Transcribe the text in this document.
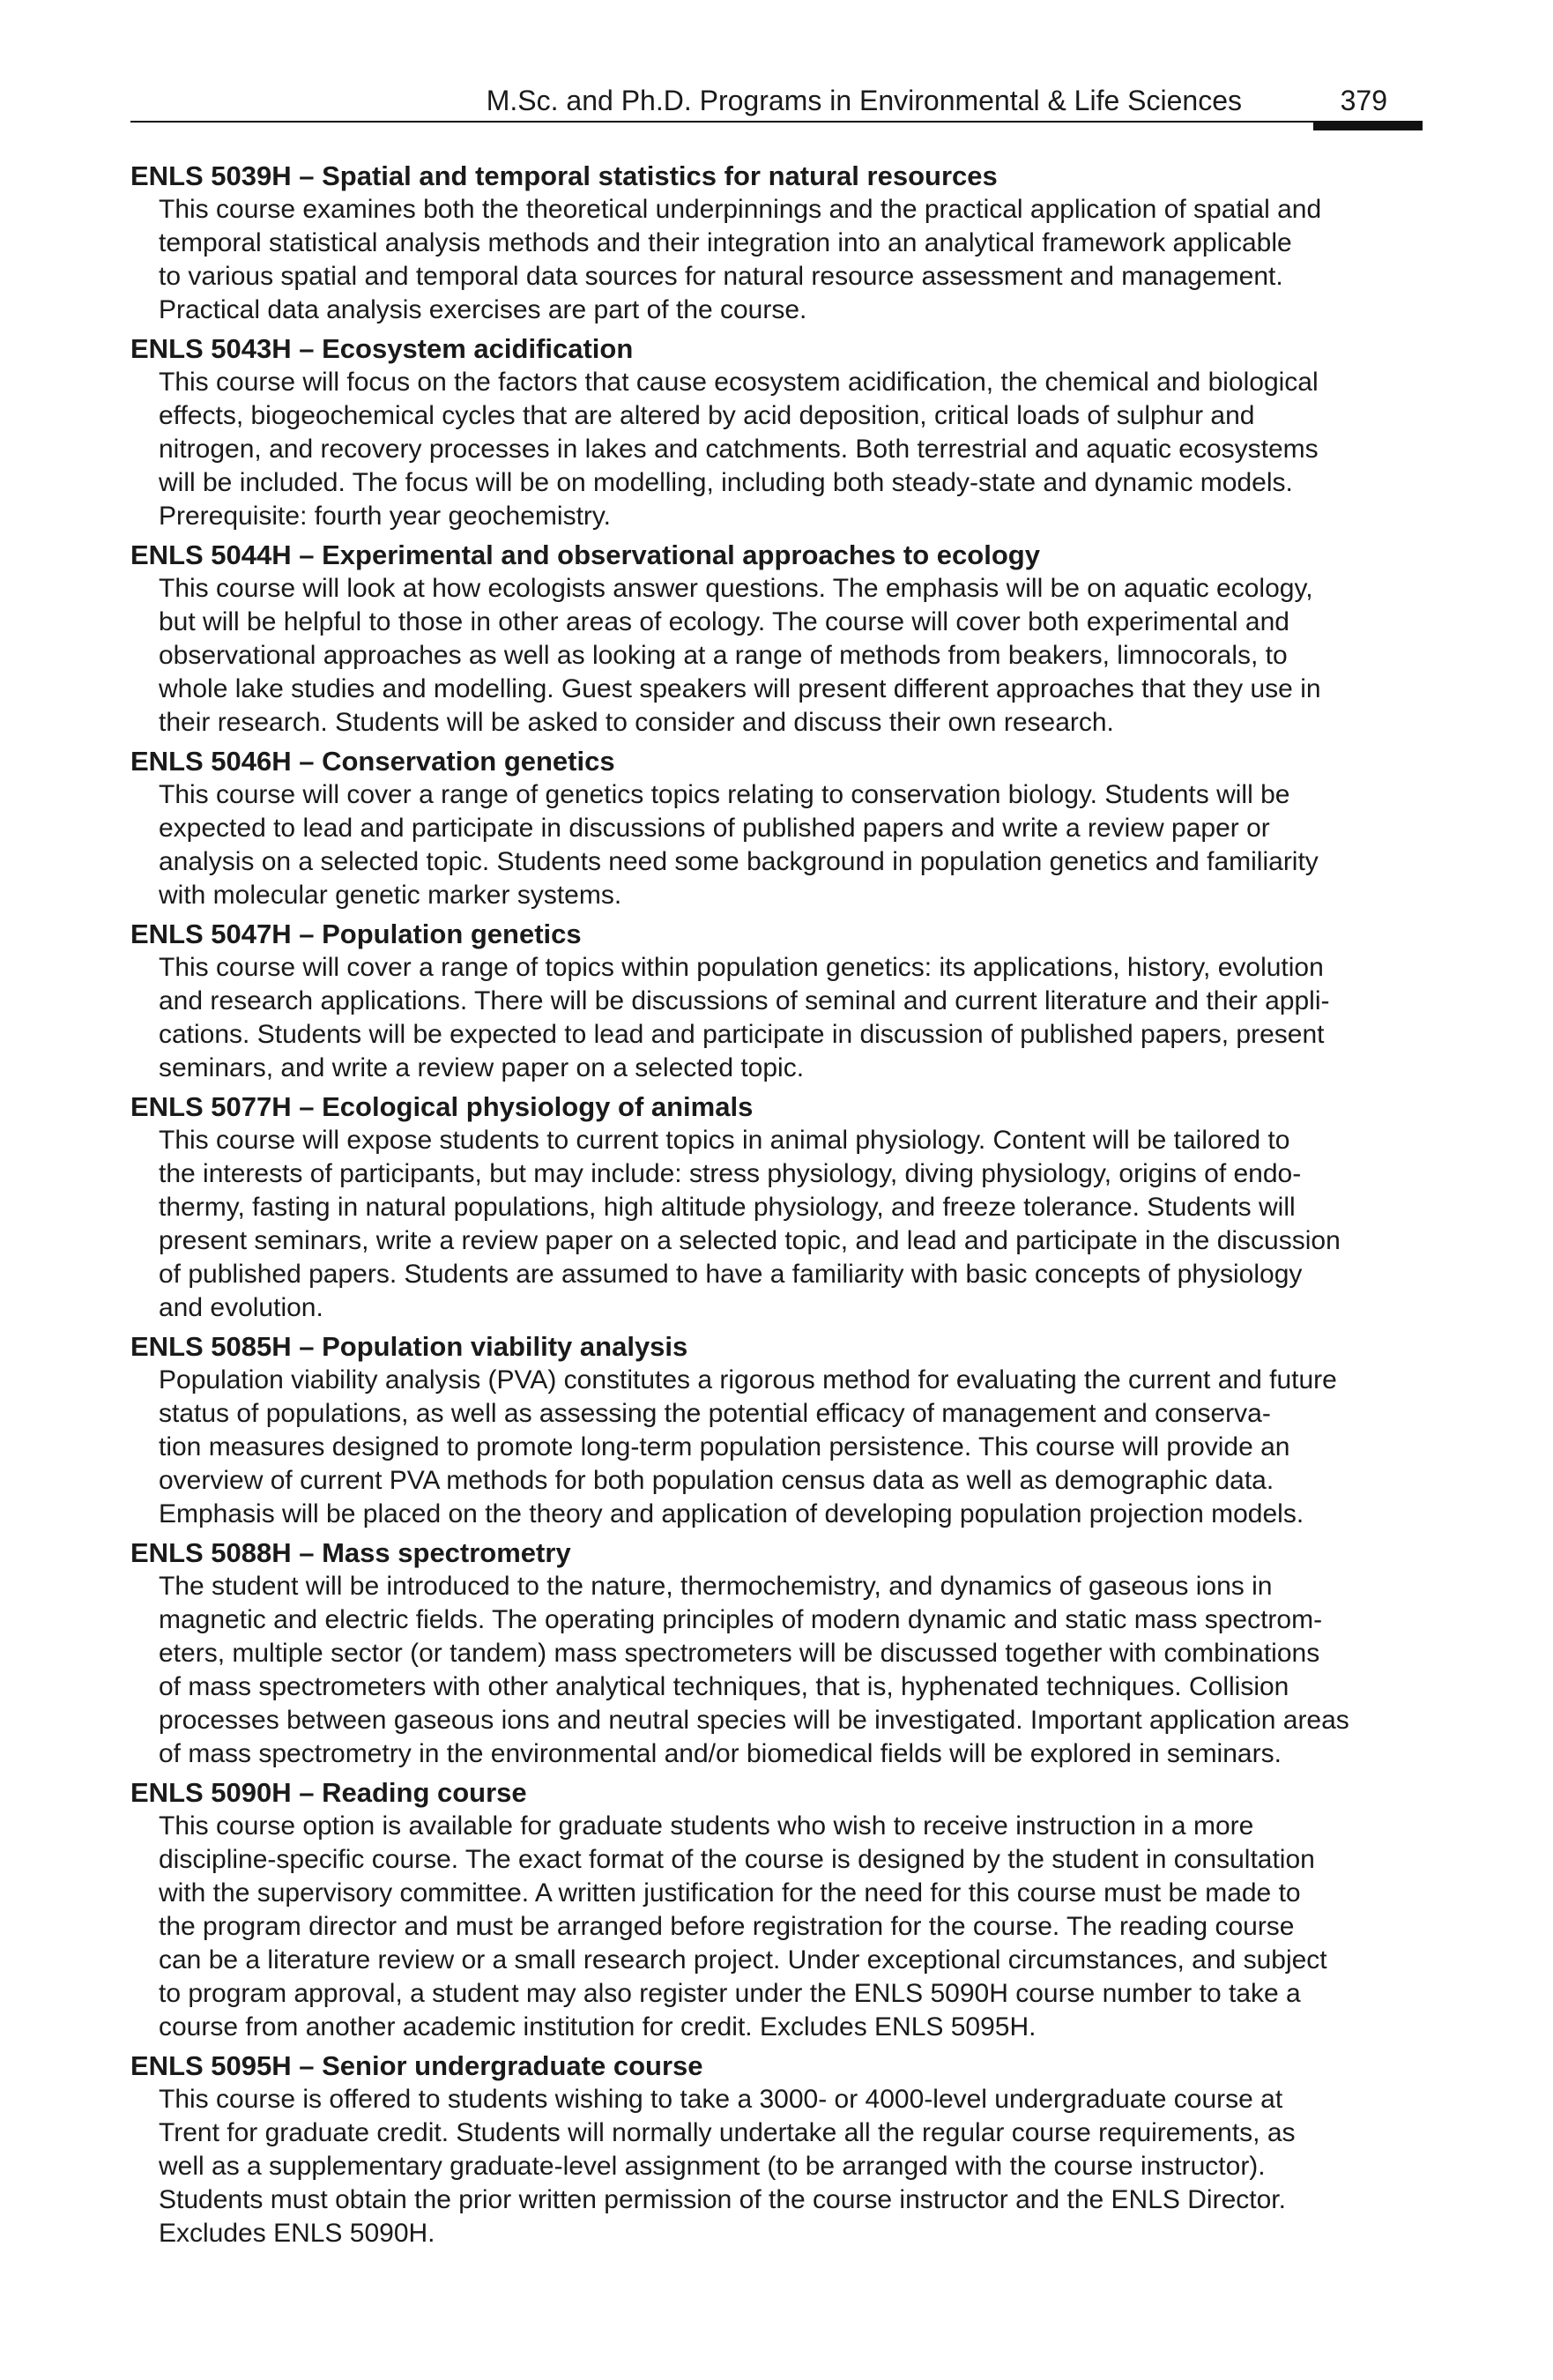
M.Sc. and Ph.D. Programs in Environmental & Life Sciences	379

ENLS 5039H – Spatial and temporal statistics for natural resources

This course examines both the theoretical underpinnings and the practical application of spatial and
temporal statistical analysis methods and their integration into an analytical framework applicable
to various spatial and temporal data sources for natural resource assessment and management.
Practical data analysis exercises are part of the course.

ENLS 5043H – Ecosystem acidification

This course will focus on the factors that cause ecosystem acidification, the chemical and biological
effects, biogeochemical cycles that are altered by acid deposition, critical loads of sulphur and
nitrogen, and recovery processes in lakes and catchments. Both terrestrial and aquatic ecosystems
will be included. The focus will be on modelling, including both steady-state and dynamic models.
Prerequisite: fourth year geochemistry.

ENLS 5044H – Experimental and observational approaches to ecology

This course will look at how ecologists answer questions. The emphasis will be on aquatic ecology,
but will be helpful to those in other areas of ecology. The course will cover both experimental and
observational approaches as well as looking at a range of methods from beakers, limnocorals, to
whole lake studies and modelling. Guest speakers will present different approaches that they use in
their research. Students will be asked to consider and discuss their own research.

ENLS 5046H – Conservation genetics

This course will cover a range of genetics topics relating to conservation biology. Students will be
expected to lead and participate in discussions of published papers and write a review paper or
analysis on a selected topic. Students need some background in population genetics and familiarity
with molecular genetic marker systems.

ENLS 5047H – Population genetics

This course will cover a range of topics within population genetics: its applications, history, evolution
and research applications. There will be discussions of seminal and current literature and their appli-
cations. Students will be expected to lead and participate in discussion of published papers, present
seminars, and write a review paper on a selected topic.

ENLS 5077H – Ecological physiology of animals

This course will expose students to current topics in animal physiology. Content will be tailored to
the interests of participants, but may include: stress physiology, diving physiology, origins of endo-
thermy, fasting in natural populations, high altitude physiology, and freeze tolerance. Students will
present seminars, write a review paper on a selected topic, and lead and participate in the discussion
of published papers. Students are assumed to have a familiarity with basic concepts of physiology
and evolution.

ENLS 5085H – Population viability analysis

Population viability analysis (PVA) constitutes a rigorous method for evaluating the current and future
status of populations, as well as assessing the potential efficacy of management and conserva-
tion measures designed to promote long-term population persistence. This course will provide an
overview of current PVA methods for both population census data as well as demographic data.
Emphasis will be placed on the theory and application of developing population projection models.

ENLS 5088H – Mass spectrometry

The student will be introduced to the nature, thermochemistry, and dynamics of gaseous ions in
magnetic and electric fields. The operating principles of modern dynamic and static mass spectrom-
eters, multiple sector (or tandem) mass spectrometers will be discussed together with combinations
of mass spectrometers with other analytical techniques, that is, hyphenated techniques. Collision
processes between gaseous ions and neutral species will be investigated. Important application areas
of mass spectrometry in the environmental and/or biomedical fields will be explored in seminars.

ENLS 5090H – Reading course

This course option is available for graduate students who wish to receive instruction in a more
discipline-specific course. The exact format of the course is designed by the student in consultation
with the supervisory committee. A written justification for the need for this course must be made to
the program director and must be arranged before registration for the course. The reading course
can be a literature review or a small research project. Under exceptional circumstances, and subject
to program approval, a student may also register under the ENLS 5090H course number to take a
course from another academic institution for credit. Excludes ENLS 5095H.

ENLS 5095H – Senior undergraduate course

This course is offered to students wishing to take a 3000- or 4000-level undergraduate course at
Trent for graduate credit. Students will normally undertake all the regular course requirements, as
well as a supplementary graduate-level assignment (to be arranged with the course instructor).
Students must obtain the prior written permission of the course instructor and the ENLS Director.
Excludes ENLS 5090H.
